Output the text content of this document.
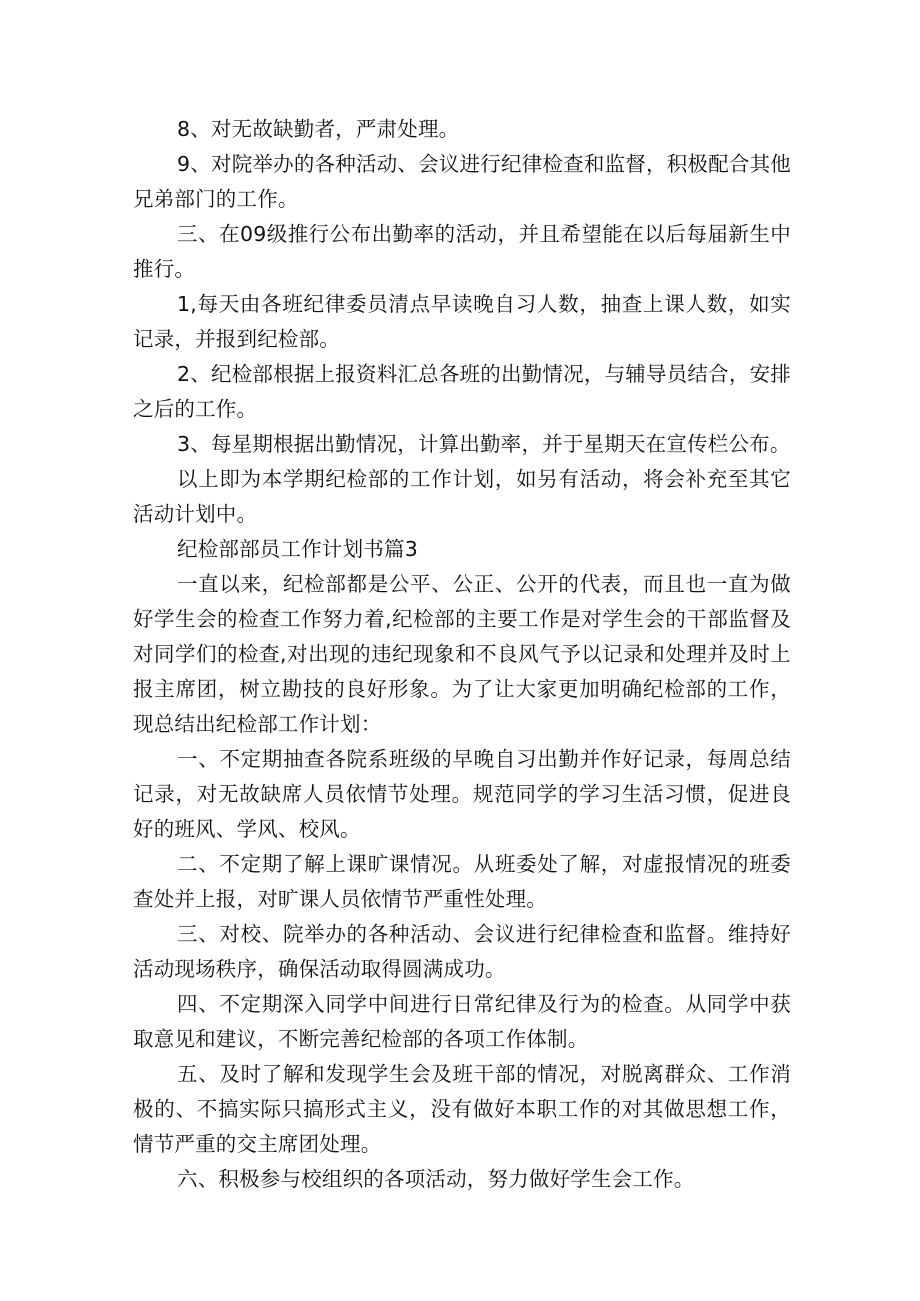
8、对无故缺勤者，严肃处理。

9、对院举办的各种活动、会议进行纪律检查和监督，积极配合其他兄弟部门的工作。

三、在09级推行公布出勤率的活动，并且希望能在以后每届新生中推行。

1,每天由各班纪律委员清点早读晚自习人数，抽查上课人数，如实记录，并报到纪检部。

2、纪检部根据上报资料汇总各班的出勤情况，与辅导员结合，安排之后的工作。

3、每星期根据出勤情况，计算出勤率，并于星期天在宣传栏公布。

以上即为本学期纪检部的工作计划，如另有活动，将会补充至其它活动计划中。

纪检部部员工作计划书篇3

一直以来，纪检部都是公平、公正、公开的代表，而且也一直为做好学生会的检查工作努力着,纪检部的主要工作是对学生会的干部监督及对同学们的检查,对出现的违纪现象和不良风气予以记录和处理并及时上报主席团，树立勘技的良好形象。为了让大家更加明确纪检部的工作，现总结出纪检部工作计划：

一、不定期抽查各院系班级的早晚自习出勤并作好记录，每周总结记录，对无故缺席人员依情节处理。规范同学的学习生活习惯，促进良好的班风、学风、校风。

二、不定期了解上课旷课情况。从班委处了解，对虚报情况的班委查处并上报，对旷课人员依情节严重性处理。

三、对校、院举办的各种活动、会议进行纪律检查和监督。维持好活动现场秩序，确保活动取得圆满成功。

四、不定期深入同学中间进行日常纪律及行为的检查。从同学中获取意见和建议，不断完善纪检部的各项工作体制。

五、及时了解和发现学生会及班干部的情况，对脱离群众、工作消极的、不搞实际只搞形式主义，没有做好本职工作的对其做思想工作，情节严重的交主席团处理。

六、积极参与校组织的各项活动，努力做好学生会工作。
